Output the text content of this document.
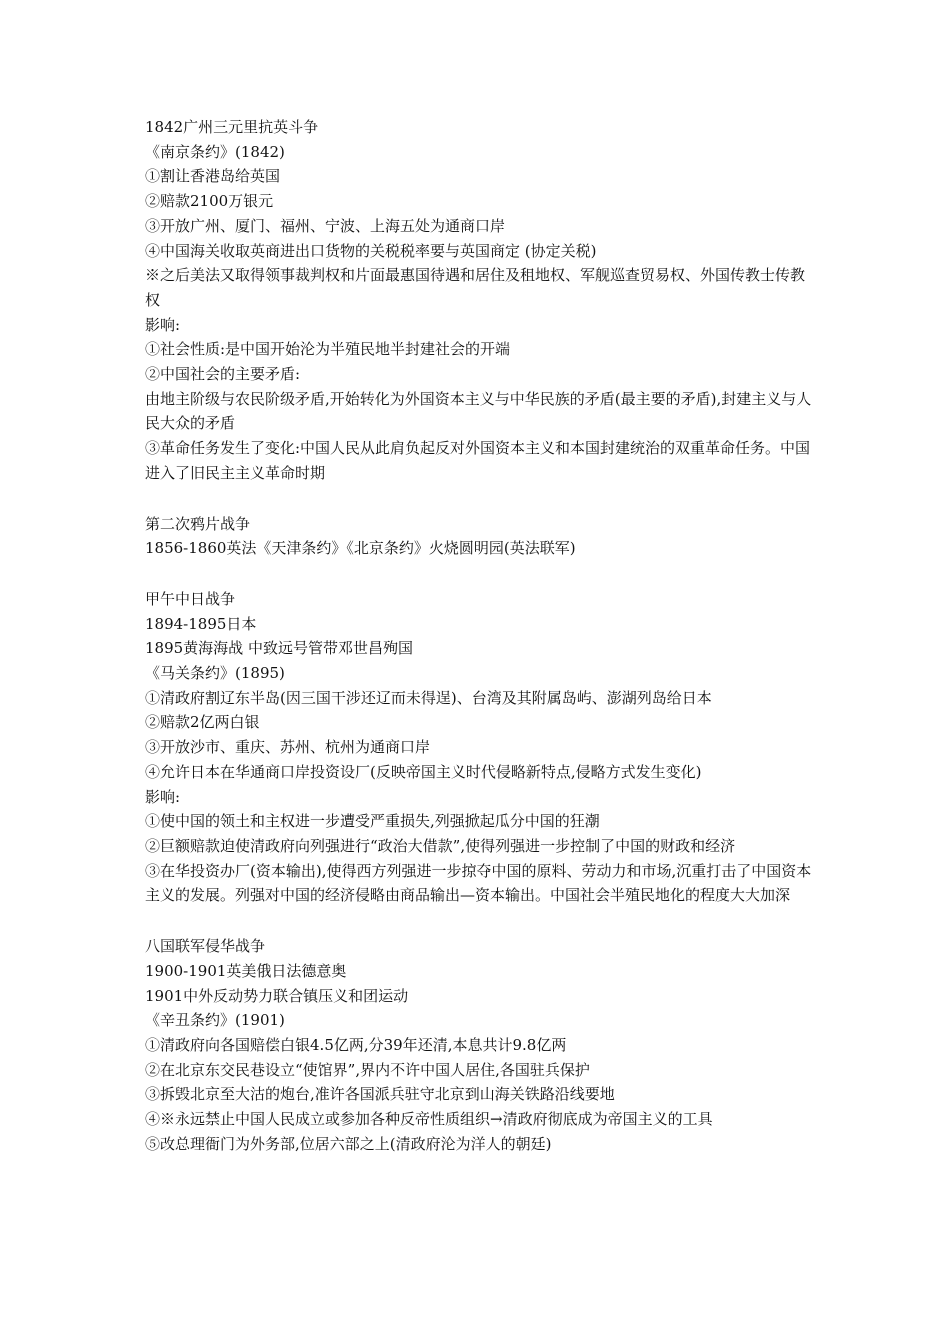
1842广州三元里抗英斗争

《南京条约》(1842)

①割让香港岛给英国

②赔款2100万银元

③开放广州、厦门、福州、宁波、上海五处为通商口岸

④中国海关收取英商进出口货物的关税税率要与英国商定 (协定关税)

※之后美法又取得领事裁判权和片面最惠国待遇和居住及租地权、军舰巡查贸易权、外国传教士传教权

影响:

①社会性质:是中国开始沦为半殖民地半封建社会的开端

②中国社会的主要矛盾:

由地主阶级与农民阶级矛盾,开始转化为外国资本主义与中华民族的矛盾(最主要的矛盾),封建主义与人民大众的矛盾

③革命任务发生了变化:中国人民从此肩负起反对外国资本主义和本国封建统治的双重革命任务。中国进入了旧民主主义革命时期

第二次鸦片战争

1856-1860英法《天津条约》《北京条约》火烧圆明园(英法联军)

甲午中日战争

1894-1895日本

1895黄海海战 中致远号管带邓世昌殉国

《马关条约》(1895)

①清政府割辽东半岛(因三国干涉还辽而未得逞)、台湾及其附属岛屿、澎湖列岛给日本

②赔款2亿两白银

③开放沙市、重庆、苏州、杭州为通商口岸

④允许日本在华通商口岸投资设厂(反映帝国主义时代侵略新特点,侵略方式发生变化)

影响:

①使中国的领土和主权进一步遭受严重损失,列强掀起瓜分中国的狂潮

②巨额赔款迫使清政府向列强进行“政治大借款”,使得列强进一步控制了中国的财政和经济

③在华投资办厂(资本输出),使得西方列强进一步掠夺中国的原料、劳动力和市场,沉重打击了中国资本主义的发展。列强对中国的经济侵略由商品输出—资本输出。中国社会半殖民地化的程度大大加深

八国联军侵华战争

1900-1901英美俄日法德意奥

1901中外反动势力联合镇压义和团运动

《辛丑条约》(1901)

①清政府向各国赔偿白银4.5亿两,分39年还清,本息共计9.8亿两

②在北京东交民巷设立“使馆界”,界内不许中国人居住,各国驻兵保护

③拆毁北京至大沽的炮台,准许各国派兵驻守北京到山海关铁路沿线要地

④※永远禁止中国人民成立或参加各种反帝性质组织→清政府彻底成为帝国主义的工具

⑤改总理衙门为外务部,位居六部之上(清政府沦为洋人的朝廷)
